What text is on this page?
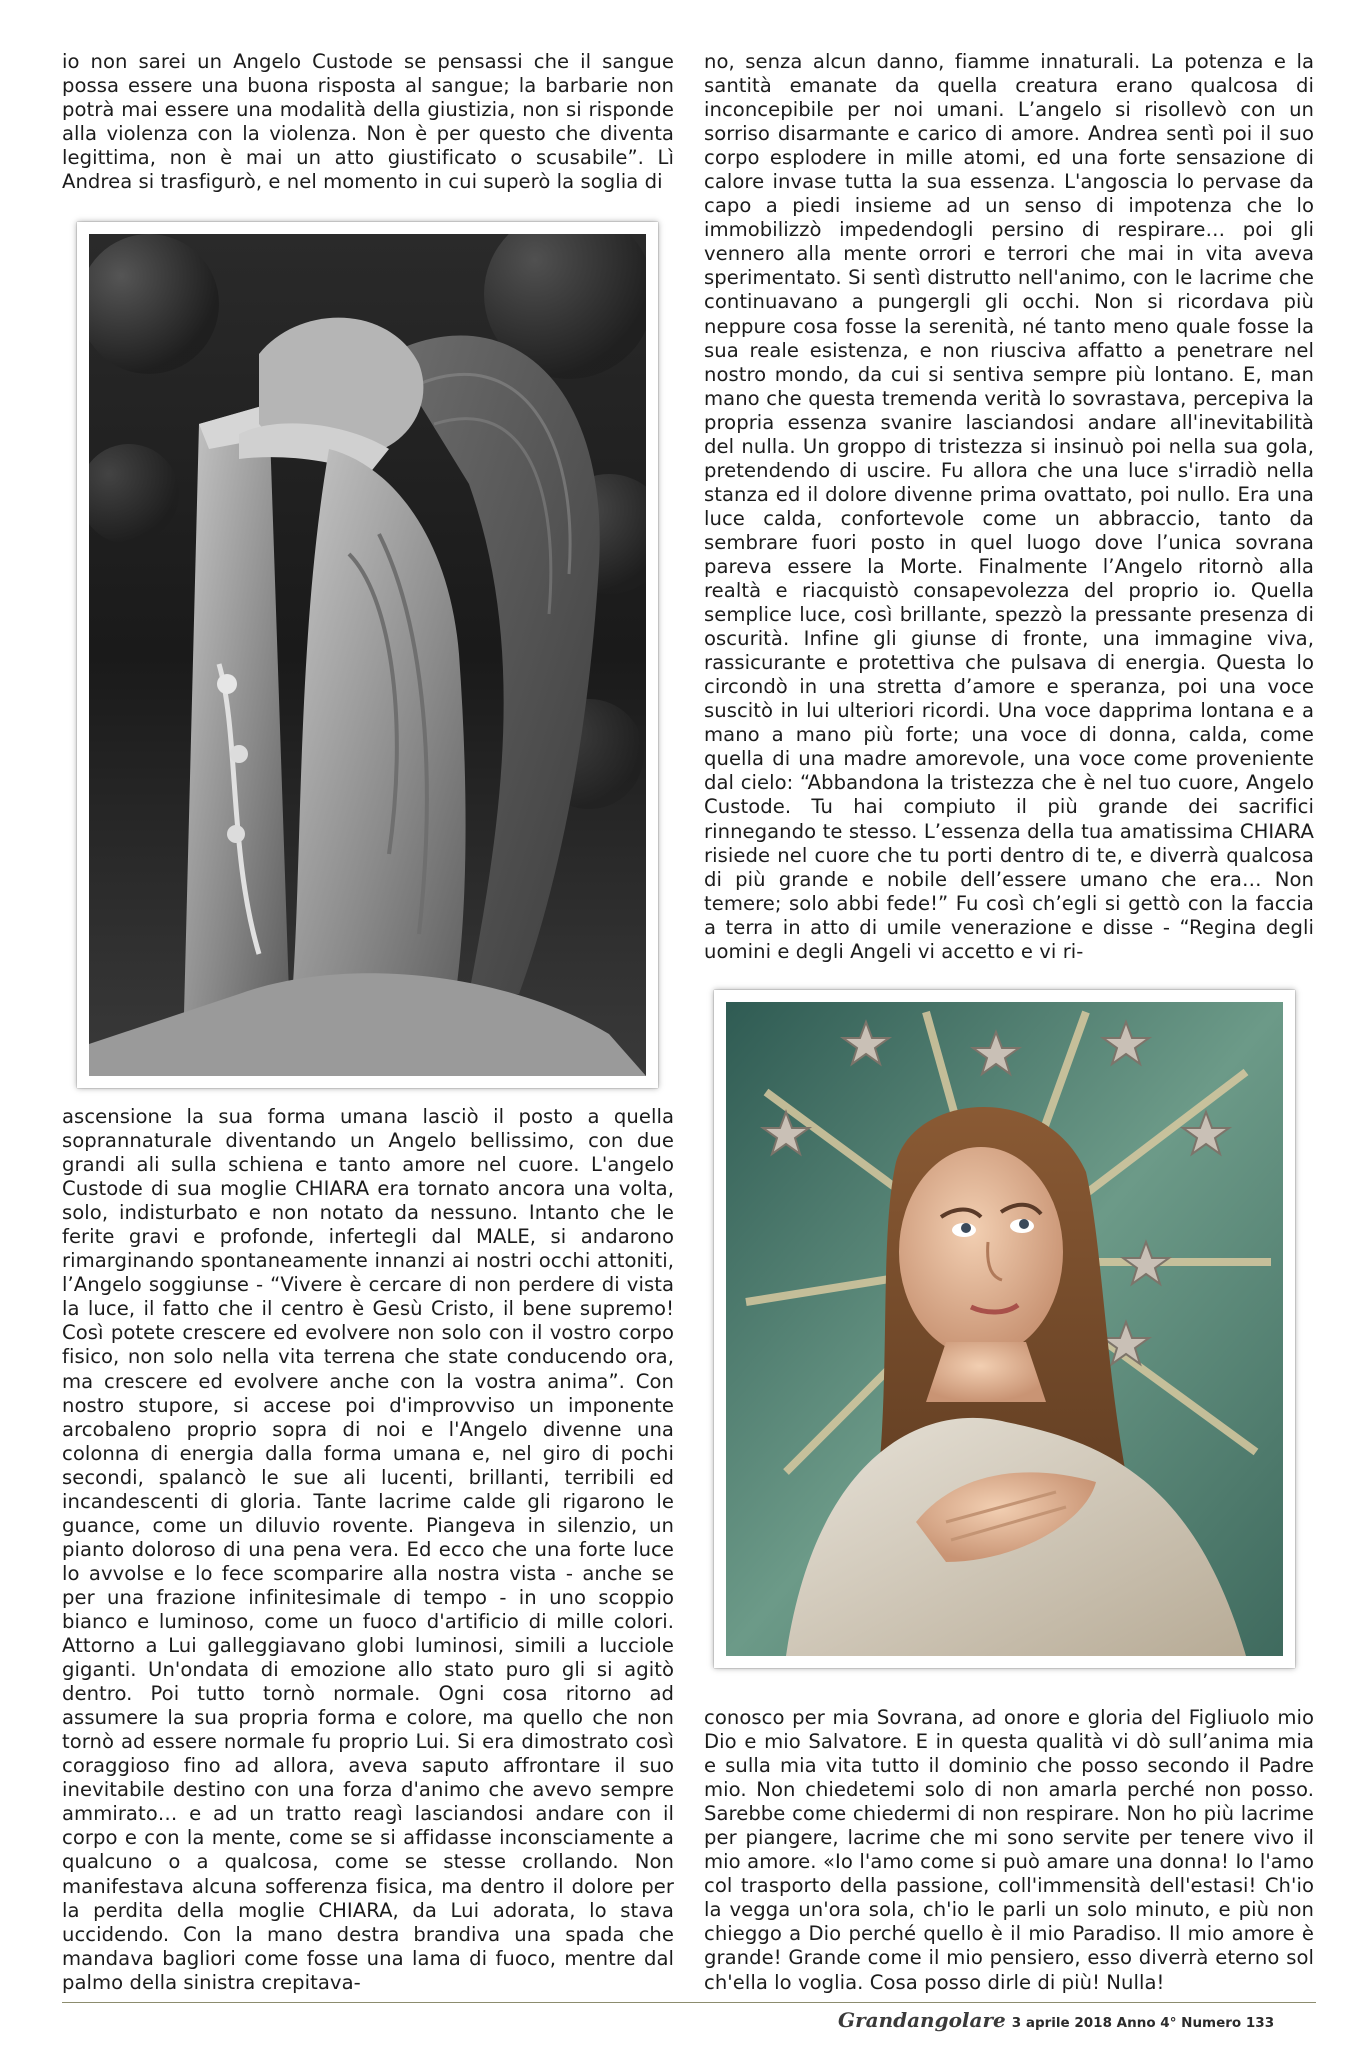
io non sarei un Angelo Custode se pensassi che il sangue possa essere una buona risposta al sangue; la barbarie non potrà mai essere una modalità della giustizia, non si risponde alla violenza con la violenza. Non è per questo che diventa legittima, non è mai un atto giustificato o scusabile”. Lì Andrea si trasfigurò, e nel momento in cui superò la soglia di

ascensione la sua forma umana lasciò il posto a quella soprannaturale diventando un Angelo bellissimo, con due grandi ali sulla schiena e tanto amore nel cuore. L'angelo Custode di sua moglie CHIARA era tornato ancora una volta, solo, indisturbato e non notato da nessuno. Intanto che le ferite gravi e profonde, infertegli dal MALE, si andarono rimarginando spontaneamente innanzi ai nostri occhi attoniti, l’Angelo soggiunse - “Vivere è cercare di non perdere di vista la luce, il fatto che il centro è Gesù Cristo, il bene supremo! Così potete crescere ed evolvere non solo con il vostro corpo fisico, non solo nella vita terrena che state conducendo ora, ma crescere ed evolvere anche con la vostra anima”. Con nostro stupore, si accese poi d'improvviso un imponente arcobaleno proprio sopra di noi e l'Angelo divenne una colonna di energia dalla forma umana e, nel giro di pochi secondi, spalancò le sue ali lucenti, brillanti, terribili ed incandescenti di gloria. Tante lacrime calde gli rigarono le guance, come un diluvio rovente. Piangeva in silenzio, un pianto doloroso di una pena vera. Ed ecco che una forte luce lo avvolse e lo fece scomparire alla nostra vista - anche se per una frazione infinitesimale di tempo - in uno scoppio bianco e luminoso, come un fuoco d'artificio di mille colori. Attorno a Lui galleggiavano globi luminosi, simili a lucciole giganti. Un'ondata di emozione allo stato puro gli si agitò dentro. Poi tutto tornò normale. Ogni cosa ritorno ad assumere la sua propria forma e colore, ma quello che non tornò ad essere normale fu proprio Lui. Si era dimostrato così coraggioso fino ad allora, aveva saputo affrontare il suo inevitabile destino con una forza d'animo che avevo sempre ammirato… e ad un tratto reagì lasciandosi andare con il corpo e con la mente, come se si affidasse inconsciamente a qualcuno o a qualcosa, come se stesse crollando. Non manifestava alcuna sofferenza fisica, ma dentro il dolore per la perdita della moglie CHIARA, da Lui adorata, lo stava uccidendo. Con la mano destra brandiva una spada che mandava bagliori come fosse una lama di fuoco, mentre dal palmo della sinistra crepitava-

no, senza alcun danno, fiamme innaturali. La potenza e la santità emanate da quella creatura erano qualcosa di inconcepibile per noi umani. L’angelo si risollevò con un sorriso disarmante e carico di amore. Andrea sentì poi il suo corpo esplodere in mille atomi, ed una forte sensazione di calore invase tutta la sua essenza. L'angoscia lo pervase da capo a piedi insieme ad un senso di impotenza che lo immobilizzò impedendogli persino di respirare… poi gli vennero alla mente orrori e terrori che mai in vita aveva sperimentato. Si sentì distrutto nell'animo, con le lacrime che continuavano a pungergli gli occhi. Non si ricordava più neppure cosa fosse la serenità, né tanto meno quale fosse la sua reale esistenza, e non riusciva affatto a penetrare nel nostro mondo, da cui si sentiva sempre più lontano. E, man mano che questa tremenda verità lo sovrastava, percepiva la propria essenza svanire lasciandosi andare all'inevitabilità del nulla. Un groppo di tristezza si insinuò poi nella sua gola, pretendendo di uscire. Fu allora che una luce s'irradiò nella stanza ed il dolore divenne prima ovattato, poi nullo. Era una luce calda, confortevole come un abbraccio, tanto da sembrare fuori posto in quel luogo dove l’unica sovrana pareva essere la Morte. Finalmente l’Angelo ritornò alla realtà e riacquistò consapevolezza del proprio io. Quella semplice luce, così brillante, spezzò la pressante presenza di oscurità. Infine gli giunse di fronte, una immagine viva, rassicurante e protettiva che pulsava di energia. Questa lo circondò in una stretta d’amore e speranza, poi una voce suscitò in lui ulteriori ricordi. Una voce dapprima lontana e a mano a mano più forte; una voce di donna, calda, come quella di una madre amorevole, una voce come proveniente dal cielo: “Abbandona la tristezza che è nel tuo cuore, Angelo Custode. Tu hai compiuto il più grande dei sacrifici rinnegando te stesso. L’essenza della tua amatissima CHIARA risiede nel cuore che tu porti dentro di te, e diverrà qualcosa di più grande e nobile dell’essere umano che era… Non temere; solo abbi fede!” Fu così ch’egli si gettò con la faccia a terra in atto di umile venerazione e disse - “Regina degli uomini e degli Angeli vi accetto e vi ri-

conosco per mia Sovrana, ad onore e gloria del Figliuolo mio Dio e mio Salvatore. E in questa qualità vi dò sull’anima mia e sulla mia vita tutto il dominio che posso secondo il Padre mio. Non chiedetemi solo di non amarla perché non posso. Sarebbe come chiedermi di non respirare. Non ho più lacrime per piangere, lacrime che mi sono servite per tenere vivo il mio amore. «Io l'amo come si può amare una donna! Io l'amo col trasporto della passione, coll'immensità dell'estasi! Ch'io la vegga un'ora sola, ch'io le parli un solo minuto, e più non chieggo a Dio perché quello è il mio Paradiso. Il mio amore è grande! Grande come il mio pensiero, esso diverrà eterno sol ch'ella lo voglia. Cosa posso dirle di più! Nulla!

Grandangolare 3 aprile 2018 Anno 4° Numero 133
